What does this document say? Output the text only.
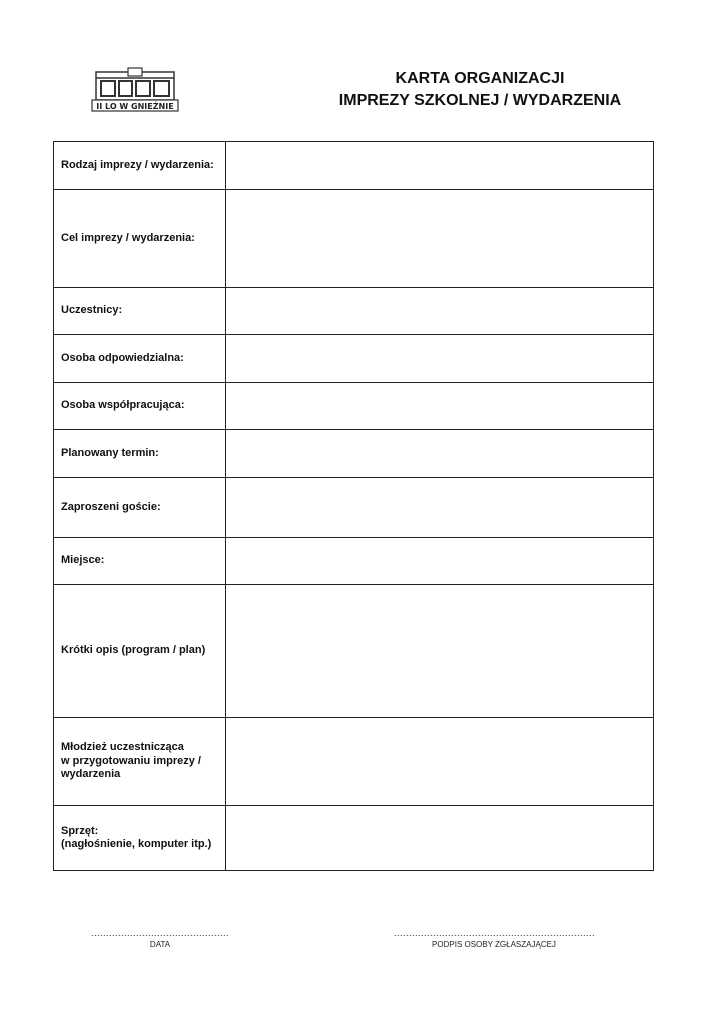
II LO W GNIEŹNIE
KARTA ORGANIZACJI
IMPREZY SZKOLNEJ / WYDARZENIA
Rodzaj imprezy / wydarzenia:	
Cel imprezy / wydarzenia:	
Uczestnicy:	
Osoba odpowiedzialna:	
Osoba współpracująca:	
Planowany termin:	
Zaproszeni goście:	
Miejsce:	
Krótki opis (program / plan)	

Młodzież uczestnicząca
w przygotowaniu imprezy /
wydarzenia	

Sprzęt:
(nagłośnienie, komputer itp.)	

..............................................
DATA
...................................................................
PODPIS OSOBY ZGŁASZAJĄCEJ
